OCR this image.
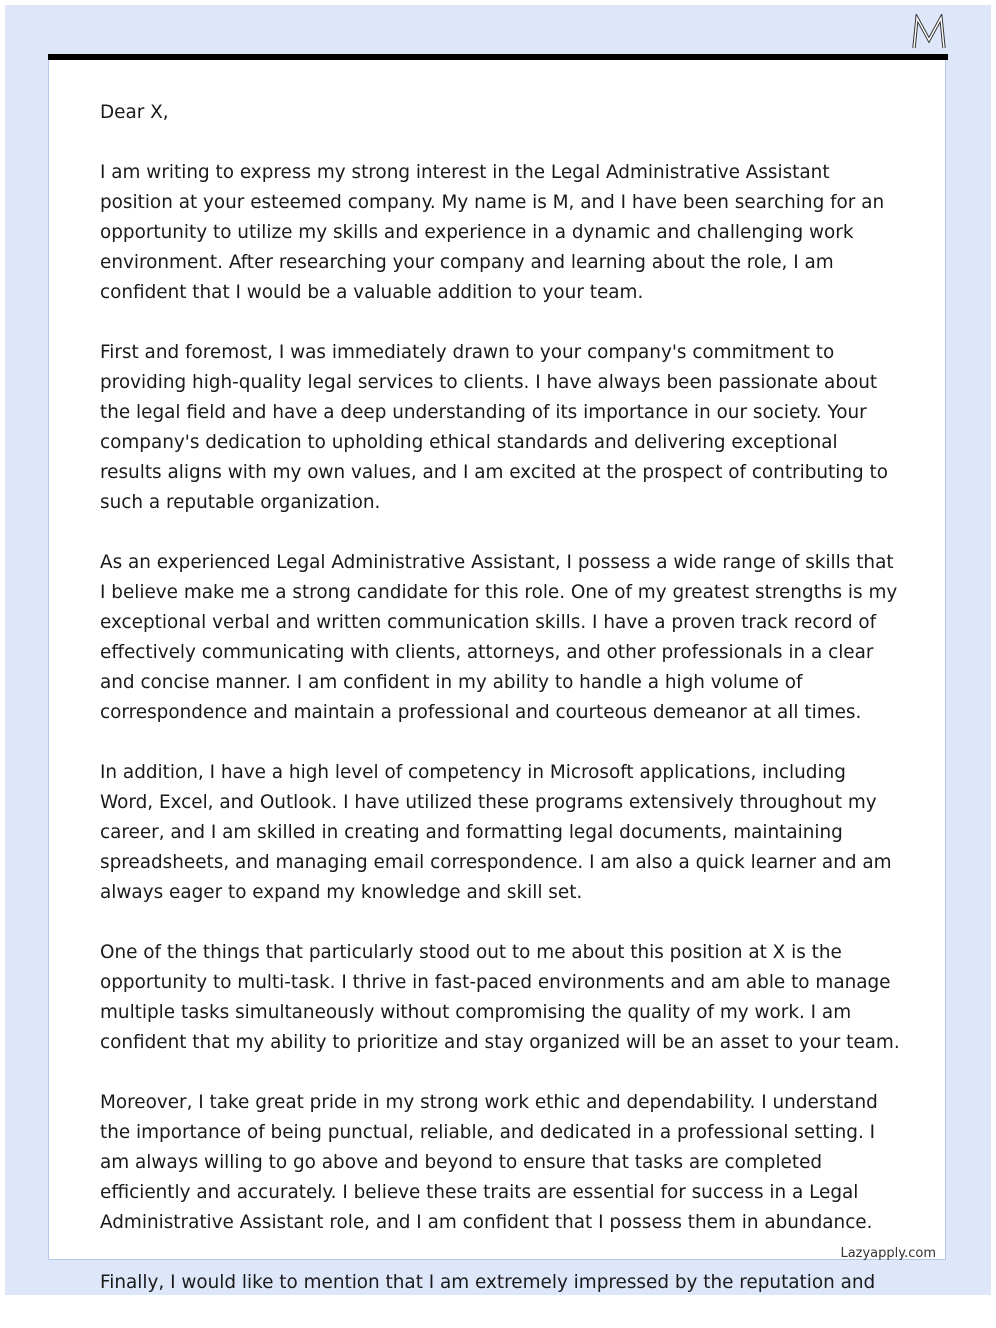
Dear X,

I am writing to express my strong interest in the Legal Administrative Assistant position at your esteemed company. My name is M, and I have been searching for an opportunity to utilize my skills and experience in a dynamic and challenging work environment. After researching your company and learning about the role, I am confident that I would be a valuable addition to your team.

First and foremost, I was immediately drawn to your company's commitment to providing high-quality legal services to clients. I have always been passionate about the legal field and have a deep understanding of its importance in our society. Your company's dedication to upholding ethical standards and delivering exceptional results aligns with my own values, and I am excited at the prospect of contributing to such a reputable organization.

As an experienced Legal Administrative Assistant, I possess a wide range of skills that I believe make me a strong candidate for this role. One of my greatest strengths is my exceptional verbal and written communication skills. I have a proven track record of effectively communicating with clients, attorneys, and other professionals in a clear and concise manner. I am confident in my ability to handle a high volume of correspondence and maintain a professional and courteous demeanor at all times.

In addition, I have a high level of competency in Microsoft applications, including Word, Excel, and Outlook. I have utilized these programs extensively throughout my career, and I am skilled in creating and formatting legal documents, maintaining spreadsheets, and managing email correspondence. I am also a quick learner and am always eager to expand my knowledge and skill set.

One of the things that particularly stood out to me about this position at X is the opportunity to multi-task. I thrive in fast-paced environments and am able to manage multiple tasks simultaneously without compromising the quality of my work. I am confident that my ability to prioritize and stay organized will be an asset to your team.

Moreover, I take great pride in my strong work ethic and dependability. I understand the importance of being punctual, reliable, and dedicated in a professional setting. I am always willing to go above and beyond to ensure that tasks are completed efficiently and accurately. I believe these traits are essential for success in a Legal Administrative Assistant role, and I am confident that I possess them in abundance.

Finally, I would like to mention that I am extremely impressed by the reputation and

Lazyapply.com
